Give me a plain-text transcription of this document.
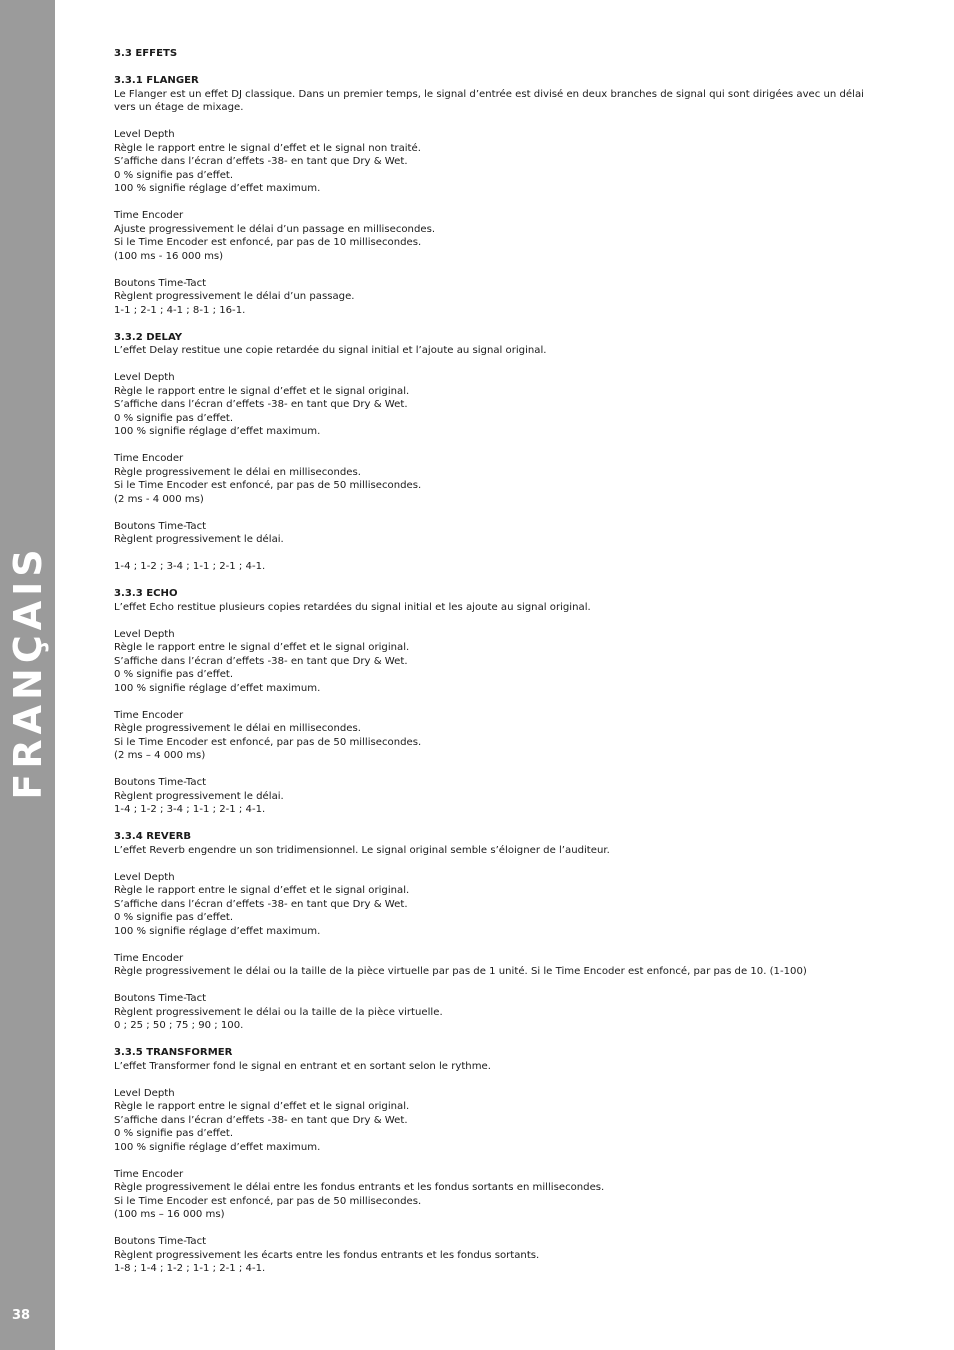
FRANÇAIS
38
3.3 EFFETS
3.3.1 FLANGER
Le Flanger est un effet DJ classique. Dans un premier temps, le signal d’entrée est divisé en deux branches de signal qui sont dirigées avec un délai vers un étage de mixage.
Level Depth
Règle le rapport entre le signal d’effet et le signal non traité.
S’affiche dans l’écran d’effets -38- en tant que Dry & Wet.
0 % signifie pas d’effet.
100 % signifie réglage d’effet maximum.
Time Encoder
Ajuste progressivement le délai d’un passage en millisecondes.
Si le Time Encoder est enfoncé, par pas de 10 millisecondes.
(100 ms - 16 000 ms)
Boutons Time-Tact
Règlent progressivement le délai d’un passage.
1-1 ; 2-1 ; 4-1 ; 8-1 ; 16-1.
3.3.2 DELAY
L’effet Delay restitue une copie retardée du signal initial et l’ajoute au signal original.
Level Depth
Règle le rapport entre le signal d’effet et le signal original.
S’affiche dans l’écran d’effets -38- en tant que Dry & Wet.
0 % signifie pas d’effet.
100 % signifie réglage d’effet maximum.
Time Encoder
Règle progressivement le délai en millisecondes.
Si le Time Encoder est enfoncé, par pas de 50 millisecondes.
(2 ms - 4 000 ms)
Boutons Time-Tact
Règlent progressivement le délai.
1-4 ; 1-2 ; 3-4 ; 1-1 ; 2-1 ; 4-1.
3.3.3 ECHO
L’effet Echo restitue plusieurs copies retardées du signal initial et les ajoute au signal original.
Level Depth
Règle le rapport entre le signal d’effet et le signal original.
S’affiche dans l’écran d’effets -38- en tant que Dry & Wet.
0 % signifie pas d’effet.
100 % signifie réglage d’effet maximum.
Time Encoder
Règle progressivement le délai en millisecondes.
Si le Time Encoder est enfoncé, par pas de 50 millisecondes.
(2 ms – 4 000 ms)
Boutons Time-Tact
Règlent progressivement le délai.
1-4 ; 1-2 ; 3-4 ; 1-1 ; 2-1 ; 4-1.
3.3.4 REVERB
L’effet Reverb engendre un son tridimensionnel. Le signal original semble s’éloigner de l’auditeur.
Level Depth
Règle le rapport entre le signal d’effet et le signal original.
S’affiche dans l’écran d’effets -38- en tant que Dry & Wet.
0 % signifie pas d’effet.
100 % signifie réglage d’effet maximum.
Time Encoder
Règle progressivement le délai ou la taille de la pièce virtuelle par pas de 1 unité. Si le Time Encoder est enfoncé, par pas de 10. (1-100)
Boutons Time-Tact
Règlent progressivement le délai ou la taille de la pièce virtuelle.
0 ; 25 ; 50 ; 75 ; 90 ; 100.
3.3.5 TRANSFORMER
L’effet Transformer fond le signal en entrant et en sortant selon le rythme.
Level Depth
Règle le rapport entre le signal d’effet et le signal original.
S’affiche dans l’écran d’effets -38- en tant que Dry & Wet.
0 % signifie pas d’effet.
100 % signifie réglage d’effet maximum.
Time Encoder
Règle progressivement le délai entre les fondus entrants et les fondus sortants en millisecondes.
Si le Time Encoder est enfoncé, par pas de 50 millisecondes.
(100 ms – 16 000 ms)
Boutons Time-Tact
Règlent progressivement les écarts entre les fondus entrants et les fondus sortants.
1-8 ; 1-4 ; 1-2 ; 1-1 ; 2-1 ; 4-1.
